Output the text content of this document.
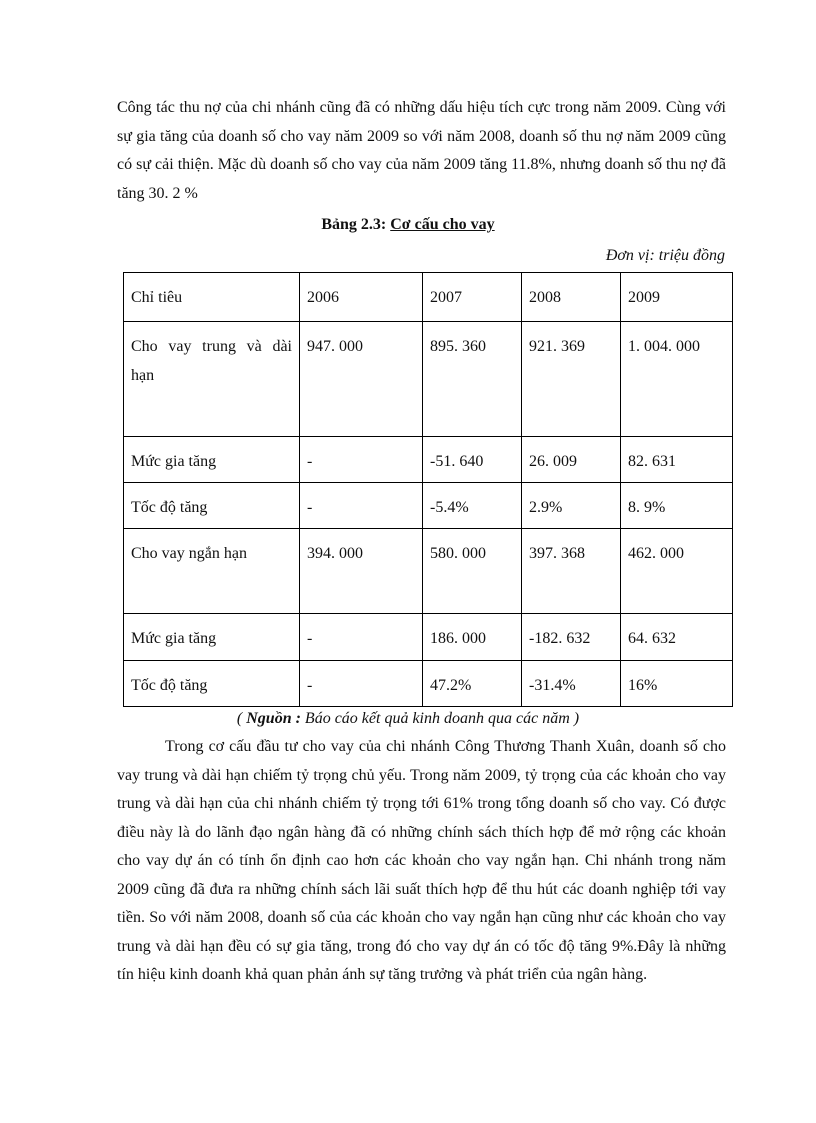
Công tác thu nợ của chi nhánh cũng đã có những dấu hiệu tích cực trong năm 2009. Cùng với sự gia tăng của doanh số cho vay năm 2009 so với năm 2008, doanh số thu nợ năm 2009 cũng có sự cải thiện. Mặc dù doanh số cho vay của năm 2009 tăng 11.8%, nhưng doanh số thu nợ đã tăng 30. 2 %

Bảng 2.3: Cơ cấu cho vay
Đơn vị: triệu đồng
Chỉ tiêu	2006	2007	2008	2009
Cho vay trung và dài hạn	947. 000	895. 360	921. 369	1. 004. 000
Mức gia tăng	-	-51. 640	26. 009	82. 631
Tốc độ tăng	-	-5.4%	2.9%	8. 9%
Cho vay ngắn hạn	394. 000	580. 000	397. 368	462. 000
Mức gia tăng	-	186. 000	-182. 632	64. 632
Tốc độ tăng	-	47.2%	-31.4%	16%
( Nguồn : Báo cáo kết quả kinh doanh qua các năm )

Trong cơ cấu đầu tư cho vay của chi nhánh Công Thương Thanh Xuân, doanh số cho vay trung và dài hạn chiếm tỷ trọng chủ yếu. Trong năm 2009, tỷ trọng của các khoản cho vay trung và dài hạn của chi nhánh chiếm tỷ trọng tới 61% trong tổng doanh số cho vay. Có được điều này là do lãnh đạo ngân hàng đã có những chính sách thích hợp để mở rộng các khoản cho vay dự án có tính ổn định cao hơn các khoản cho vay ngắn hạn. Chi nhánh trong năm 2009 cũng đã đưa ra những chính sách lãi suất thích hợp để thu hút các doanh nghiệp tới vay tiền. So với năm 2008, doanh số của các khoản cho vay ngắn hạn cũng như các khoản cho vay trung và dài hạn đều có sự gia tăng, trong đó cho vay dự án có tốc độ tăng 9%.Đây là những tín hiệu kinh doanh khả quan phản ánh sự tăng trưởng và phát triển của ngân hàng.
